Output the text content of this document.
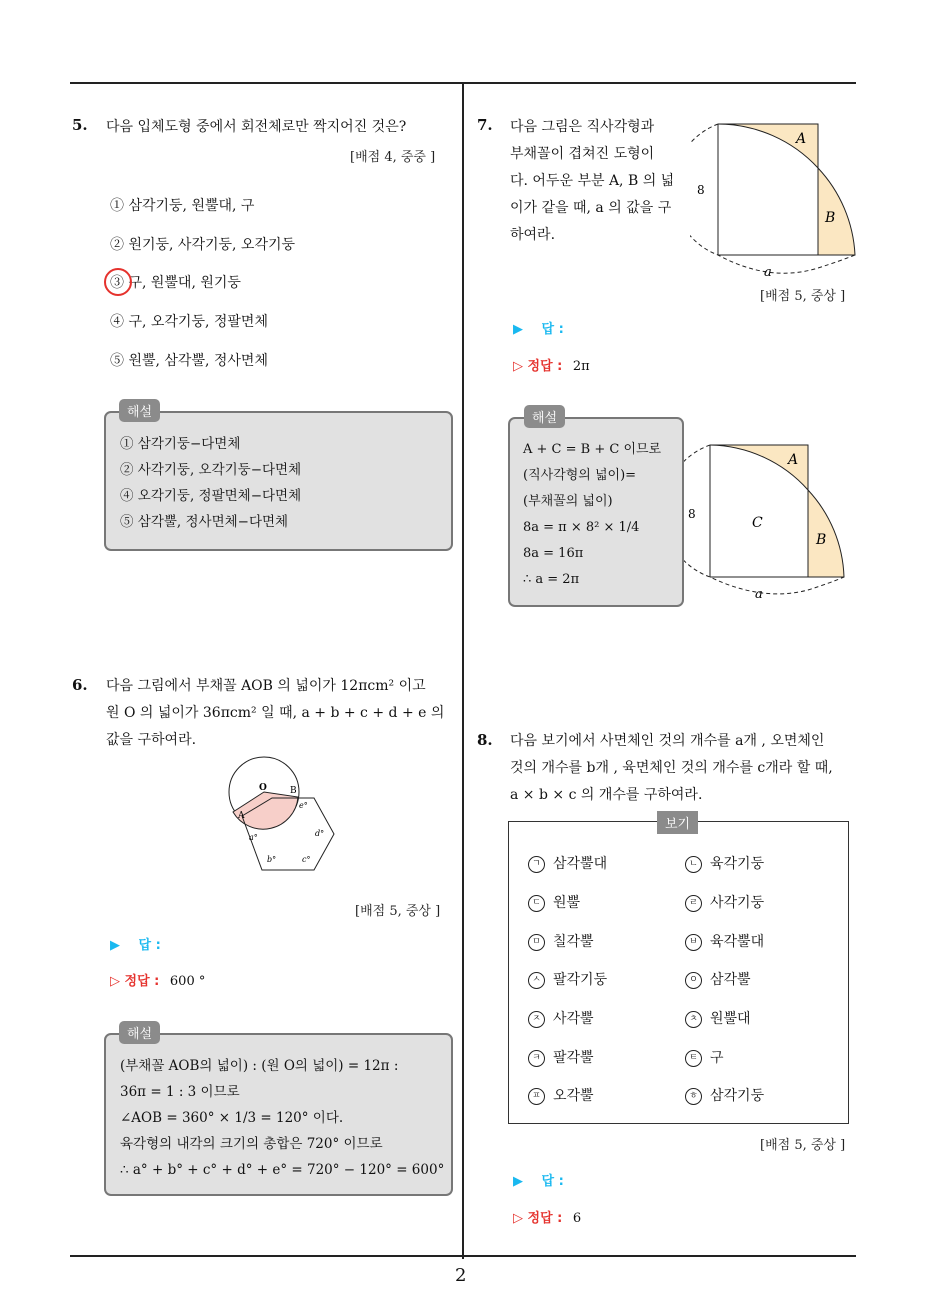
2
5. 다음 입체도형 중에서 회전체로만 짝지어진 것은?
[배점 4, 중중 ]
① 삼각기둥, 원뿔대, 구
② 원기둥, 사각기둥, 오각기둥
③ 구, 원뿔대, 원기둥
④ 구, 오각기둥, 정팔면체
⑤ 원뿔, 삼각뿔, 정사면체
① 삼각기둥−다면체
② 사각기둥, 오각기둥−다면체
④ 오각기둥, 정팔면체−다면체
⑤ 삼각뿔, 정사면체−다면체
해설
6. 다음 그림에서 부채꼴 AOB 의 넓이가 12πcm² 이고
원 O 의 넓이가 36πcm² 일 때, a + b + c + d + e 의
값을 구하여라.
O
A
B
a°
b°	c°
d°
e°
[배점 5, 중상 ]
▶ 답 :
▷ 정답 : 600 °
(부채꼴 AOB의 넓이) : (원 O의 넓이) = 12π :
36π = 1 : 3 이므로
∠AOB = 360° × 1/3 = 120° 이다.
육각형의 내각의 크기의 총합은 720° 이므로
∴ a° + b° + c° + d° + e° = 720° − 120° = 600°
해설
7. 다음 그림은 직사각형과
부채꼴이 겹쳐진 도형이
다. 어두운 부분 A, B 의 넓
이가 같을 때, a 의 값을 구
하여라.
A
B
8
a
[배점 5, 중상 ]
▶ 답 :
▷ 정답 : 2π
A + C = B + C 이므로
(직사각형의 넓이)=
(부채꼴의 넓이)
8a = π × 8² × 1/4
8a = 16π
∴ a = 2π
해설
A
B
C
8
a
8. 다음 보기에서 사면체인 것의 개수를 a개 , 오면체인
것의 개수를 b개 , 육면체인 것의 개수를 c개라 할 때,
a × b × c 의 개수를 구하여라.
보기
ㄱ 삼각뿔대	ㄴ 육각기둥
ㄷ 원뿔	ㄹ 사각기둥
ㅁ 칠각뿔	ㅂ 육각뿔대
ㅅ 팔각기둥	ㅇ 삼각뿔
ㅈ 사각뿔	ㅊ 원뿔대
ㅋ 팔각뿔	ㅌ 구
ㅍ 오각뿔	ㅎ 삼각기둥
[배점 5, 중상 ]
▶ 답 :
▷ 정답 : 6
